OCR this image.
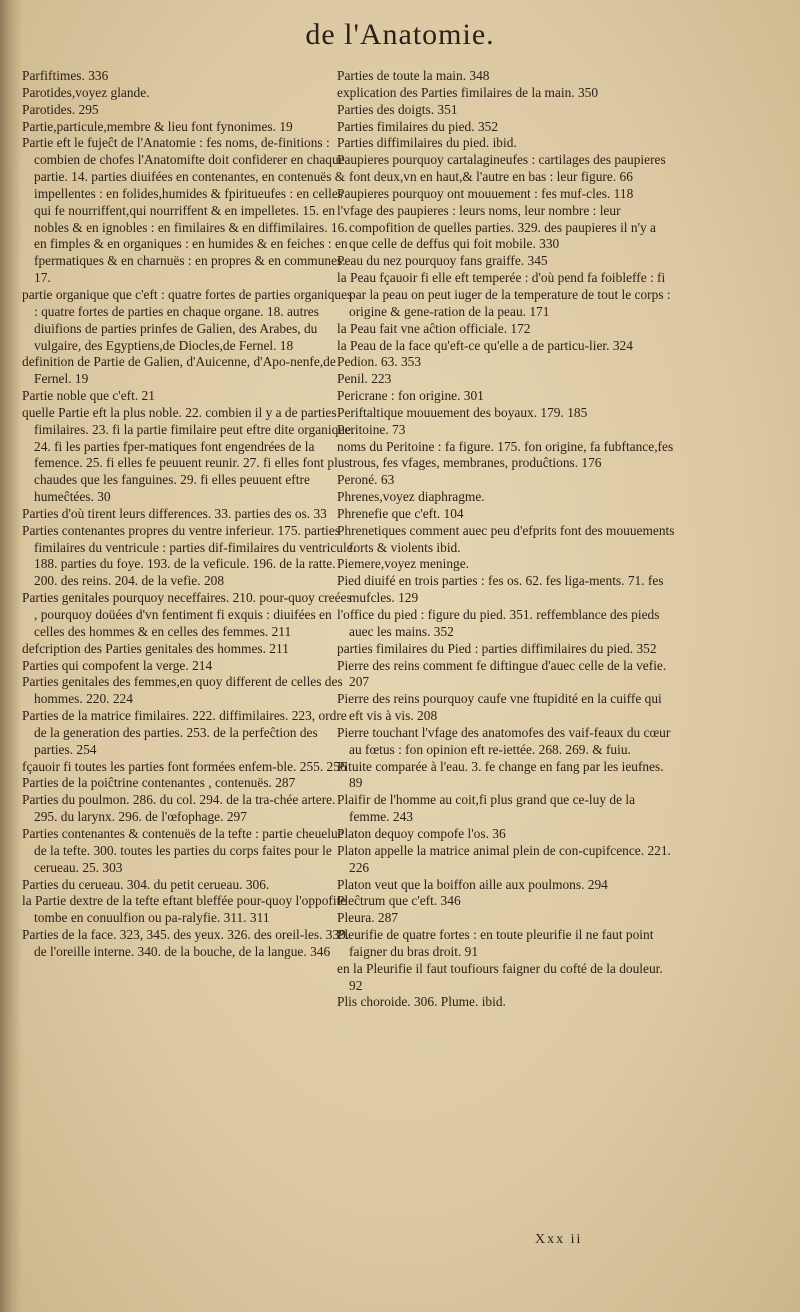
de l'Anatomie.

Parfiftimes. 336

Parotides,voyez glande.

Parotides. 295

Partie,particule,membre & lieu font fynonimes. 19

Partie eft le fujeĉt de l'Anatomie : fes noms, de-finitions : combien de chofes l'Anatomifte doit confiderer en chaque partie. 14. parties diuifées en contenantes, en contenuës & impellentes : en folides,humides & fpiritueufes : en celles qui fe nourriffent,qui nourriffent & en impelletes. 15. en nobles & en ignobles : en fimilaires & en diffimilaires. 16. en fimples & en organiques : en humides & en feiches : en fpermatiques & en charnuës : en propres & en communes. 17.

partie organique que c'eft : quatre fortes de parties organiques : quatre fortes de parties en chaque organe. 18. autres diuifions de parties prinfes de Galien, des Arabes, du vulgaire, des Egyptiens,de Diocles,de Fernel. 18

definition de Partie de Galien, d'Auicenne, d'Apo-nenfe,de Fernel. 19

Partie noble que c'eft. 21

quelle Partie eft la plus noble. 22. combien il y a de parties fimilaires. 23. fi la partie fimilaire peut eftre dite organique. 24. fi les parties fper-matiques font engendrées de la femence. 25. fi elles fe peuuent reunir. 27. fi elles font plus chaudes que les fanguines. 29. fi elles peuuent eftre humeĉtées. 30

Parties d'où tirent leurs differences. 33. parties des os. 33

Parties contenantes propres du ventre inferieur. 175. parties fimilaires du ventricule : parties dif-fimilaires du ventricule. 188. parties du foye. 193. de la veficule. 196. de la ratte. 200. des reins. 204. de la vefie. 208

Parties genitales pourquoy neceffaires. 210. pour-quoy creées , pourquoy doüées d'vn fentiment fi exquis : diuifées en celles des hommes & en celles des femmes. 211

defcription des Parties genitales des hommes. 211

Parties qui compofent la verge. 214

Parties genitales des femmes,en quoy different de celles des hommes. 220. 224

Parties de la matrice fimilaires. 222. diffimilaires. 223, ordre de la generation des parties. 253. de la perfeĉtion des parties. 254

fçauoir fi toutes les parties font formées enfem-ble. 255. 256

Parties de la poiĉtrine contenantes , contenuës. 287

Parties du poulmon. 286. du col. 294. de la tra-chée artere. 295. du larynx. 296. de l'œfophage. 297

Parties contenantes & contenuës de la tefte : partie cheueluë de la tefte. 300. toutes les parties du corps faites pour le cerueau. 25. 303

Parties du cerueau. 304. du petit cerueau. 306.

la Partie dextre de la tefte eftant bleffée pour-quoy l'oppofite tombe en conuulfion ou pa-ralyfie. 311. 311

Parties de la face. 323, 345. des yeux. 326. des oreil-les. 339. de l'oreille interne. 340. de la bouche, de la langue. 346

Parties de toute la main. 348

explication des Parties fimilaires de la main. 350

Parties des doigts. 351

Parties fimilaires du pied. 352

Parties diffimilaires du pied. ibid.

Paupieres pourquoy cartalagineufes : cartilages des paupieres font deux,vn en haut,& l'autre en bas : leur figure. 66

Paupieres pourquoy ont mouuement : fes muf-cles. 118

l'vfage des paupieres : leurs noms, leur nombre : leur compofition de quelles parties. 329. des paupieres il n'y a que celle de deffus qui foit mobile. 330

Peau du nez pourquoy fans graiffe. 345

la Peau fçauoir fi elle eft temperée : d'où pend fa foibleffe : fi par la peau on peut iuger de la temperature de tout le corps : origine & gene-ration de la peau. 171

la Peau fait vne aĉtion officiale. 172

la Peau de la face qu'eft-ce qu'elle a de particu-lier. 324

Pedion. 63. 353

Penil. 223

Pericrane : fon origine. 301

Periftaltique mouuement des boyaux. 179. 185

Peritoine. 73

noms du Peritoine : fa figure. 175. fon origine, fa fubftance,fes trous, fes vfages, membranes, produĉtions. 176

Peroné. 63

Phrenes,voyez diaphragme.

Phrenefie que c'eft. 104

Phrenetiques comment auec peu d'efprits font des mouuements forts & violents ibid.

Piemere,voyez meninge.

Pied diuifé en trois parties : fes os. 62. fes liga-ments. 71. fes mufcles. 129

l'office du pied : figure du pied. 351. reffemblance des pieds auec les mains. 352

parties fimilaires du Pied : parties diffimilaires du pied. 352

Pierre des reins comment fe diftingue d'auec celle de la vefie. 207

Pierre des reins pourquoy caufe vne ftupidité en la cuiffe qui eft vis à vis. 208

Pierre touchant l'vfage des anatomofes des vaif-feaux du cœur au fœtus : fon opinion eft re-iettée. 268. 269. & fuiu.

Pituite comparée à l'eau. 3. fe change en fang par les ieufnes. 89

Plaifir de l'homme au coit,fi plus grand que ce-luy de la femme. 243

Platon dequoy compofe l'os. 36

Platon appelle la matrice animal plein de con-cupifcence. 221. 226

Platon veut que la boiffon aille aux poulmons. 294

Pleĉtrum que c'eft. 346

Pleura. 287

Pleurifie de quatre fortes : en toute pleurifie il ne faut point faigner du bras droit. 91

en la Pleurifie il faut toufiours faigner du cofté de la douleur. 92

Plis choroide. 306. Plume. ibid.

Xxx ii
